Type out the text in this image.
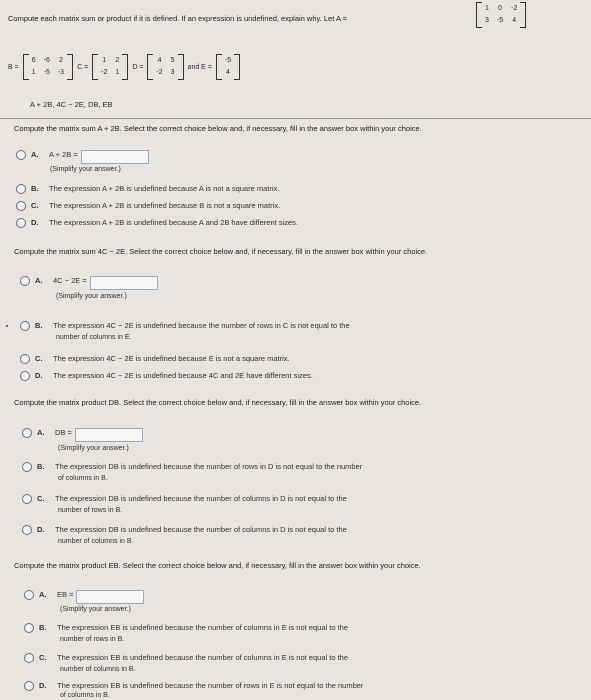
Compute each matrix sum or product if it is defined. If an expression is undefined, explain why. Let A =
1 0 -2
3 -5 4
B =
6 -6 2
1 -5 -3
C =
1 2
-2 1
D =
4 5
-2 3
and E =
-5
4
A + 2B, 4C − 2E, DB, EB
Compute the matrix sum A + 2B. Select the correct choice below and, if necessary, fill in the answer box within your choice.
A.	A + 2B =
(Simplify your answer.)
B.	The expression A + 2B is undefined because A is not a square matrix.
C.	The expression A + 2B is undefined because B is not a square matrix.
D.	The expression A + 2B is undefined because A and 2B have different sizes.
Compute the matrix sum 4C − 2E. Select the correct choice below and, if necessary, fill in the answer box within your choice.
A.	4C − 2E =
(Simplify your answer.)
B.	The expression 4C − 2E is undefined because the number of rows in C is not equal to the
number of columns in E.
C.	The expression 4C − 2E is undefined because E is not a square matrix.
D.	The expression 4C − 2E is undefined because 4C and 2E have different sizes.
Compute the matrix product DB. Select the correct choice below and, if necessary, fill in the answer box within your choice.
A.	DB =
(Simplify your answer.)
B.	The expression DB is undefined because the number of rows in D is not equal to the number
of columns in B.
C.	The expression DB is undefined because the number of columns in D is not equal to the
number of rows in B.
D.	The expression DB is undefined because the number of columns in D is not equal to the
number of columns in B.
Compute the matrix product EB. Select the correct choice below and, if necessary, fill in the answer box within your choice.
A.	EB =
(Simplify your answer.)
B.	The expression EB is undefined because the number of columns in E is not equal to the
number of rows in B.
C.	The expression EB is undefined because the number of columns in E is not equal to the
number of columns in B.
D.	The expression EB is undefined because the number of rows in E is not equal to the number
of columns in B.
